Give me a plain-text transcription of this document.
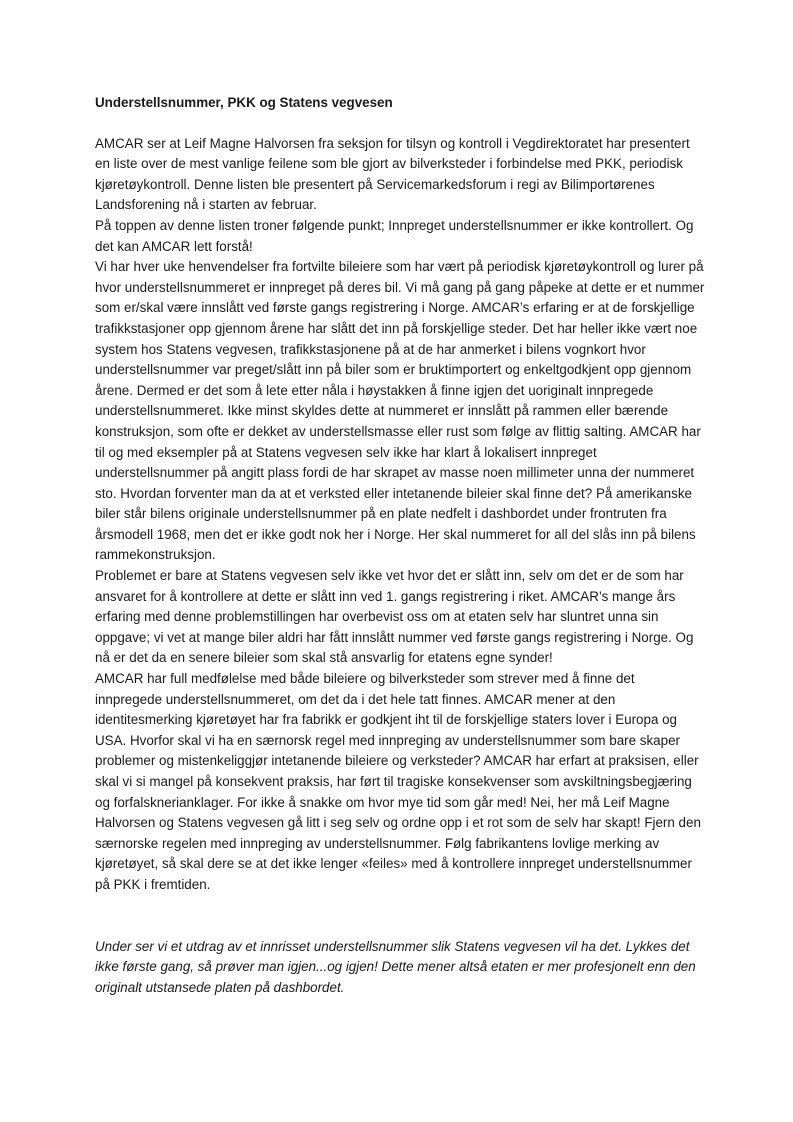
Understellsnummer, PKK og Statens vegvesen

AMCAR ser at Leif Magne Halvorsen fra seksjon for tilsyn og kontroll i Vegdirektoratet har presentert en liste over de mest vanlige feilene som ble gjort av bilverksteder i forbindelse med PKK, periodisk kjøretøykontroll. Denne listen ble presentert på Servicemarkedsforum i regi av Bilimportørenes Landsforening nå i starten av februar.

På toppen av denne listen troner følgende punkt; Innpreget understellsnummer er ikke kontrollert. Og det kan AMCAR lett forstå!

Vi har hver uke henvendelser fra fortvilte bileiere som har vært på periodisk kjøretøykontroll og lurer på hvor understellsnummeret er innpreget på deres bil. Vi må gang på gang påpeke at dette er et nummer som er/skal være innslått ved første gangs registrering i Norge. AMCAR’s erfaring er at de forskjellige trafikkstasjoner opp gjennom årene har slått det inn på forskjellige steder. Det har heller ikke vært noe system hos Statens vegvesen, trafikkstasjonene på at de har anmerket i bilens vognkort hvor understellsnummer var preget/slått inn på biler som er bruktimportert og enkeltgodkjent opp gjennom årene. Dermed er det som å lete etter nåla i høystakken å finne igjen det uoriginalt innpregede understellsnummeret. Ikke minst skyldes dette at nummeret er innslått på rammen eller bærende konstruksjon, som ofte er dekket av understellsmasse eller rust som følge av flittig salting. AMCAR har til og med eksempler på at Statens vegvesen selv ikke har klart å lokalisert innpreget understellsnummer på angitt plass fordi de har skrapet av masse noen millimeter unna der nummeret sto. Hvordan forventer man da at et verksted eller intetanende bileier skal finne det? På amerikanske biler står bilens originale understellsnummer på en plate nedfelt i dashbordet under frontruten fra årsmodell 1968, men det er ikke godt nok her i Norge. Her skal nummeret for all del slås inn på bilens rammekonstruksjon.

Problemet er bare at Statens vegvesen selv ikke vet hvor det er slått inn, selv om det er de som har ansvaret for å kontrollere at dette er slått inn ved 1. gangs registrering i riket. AMCAR’s mange års erfaring med denne problemstillingen har overbevist oss om at etaten selv har sluntret unna sin oppgave; vi vet at mange biler aldri har fått innslått nummer ved første gangs registrering i Norge. Og nå er det da en senere bileier som skal stå ansvarlig for etatens egne synder!

AMCAR har full medfølelse med både bileiere og bilverksteder som strever med å finne det innpregede understellsnummeret, om det da i det hele tatt finnes. AMCAR mener at den identitesmerking kjøretøyet har fra fabrikk er godkjent iht til de forskjellige staters lover i Europa og USA. Hvorfor skal vi ha en særnorsk regel med innpreging av understellsnummer som bare skaper problemer og mistenkeliggjør intetanende bileiere og verksteder? AMCAR har erfart at praksisen, eller skal vi si mangel på konsekvent praksis, har ført til tragiske konsekvenser som avskiltningsbegjæring og forfalsknerianklager. For ikke å snakke om hvor mye tid som går med! Nei, her må Leif Magne Halvorsen og Statens vegvesen gå litt i seg selv og ordne opp i et rot som de selv har skapt! Fjern den særnorske regelen med innpreging av understellsnummer. Følg fabrikantens lovlige merking av kjøretøyet, så skal dere se at det ikke lenger «feiles» med å kontrollere innpreget understellsnummer på PKK i fremtiden.

Under ser vi et utdrag av et innrisset understellsnummer slik Statens vegvesen vil ha det. Lykkes det ikke første gang, så prøver man igjen...og igjen! Dette mener altså etaten er mer profesjonelt enn den originalt utstansede platen på dashbordet.
